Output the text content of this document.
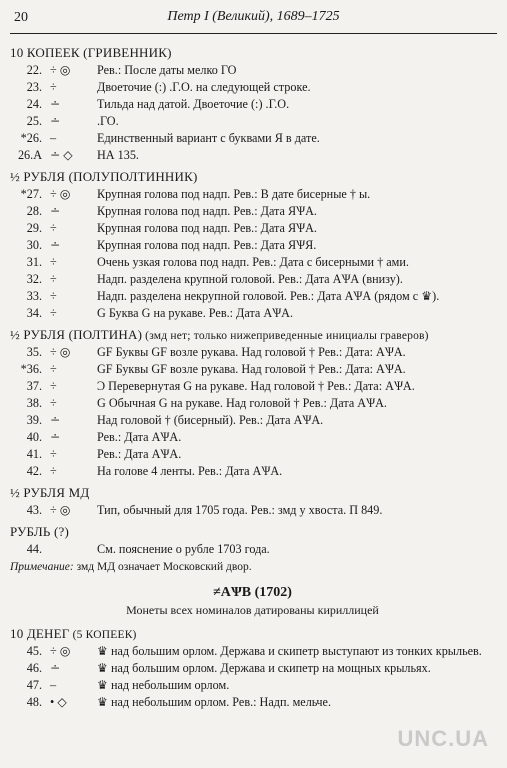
20	Петр I (Великий), 1689–1725
10 КОПЕЕК (ГРИВЕННИК)
22. ÷ ◎	Рев.: После даты мелко ГО
23. ÷	Двоеточие (:) .Г.О. на следующей строке.
24. ∸	Тильда над датой. Двоеточие (:) .Г.О.
25. ∸	.ГО.
*26. –	Единственный вариант с буквами Я в дате.
26.А ∸ ◇	НА 135.
½ РУБЛЯ (ПОЛУПОЛТИННИК)
*27. ÷ ◎	Крупная голова под надп. Рев.: В дате бисерные † ы.
28. ∸	Крупная голова под надп. Рев.: Дата ЯѰА.
29. ÷	Крупная голова под надп. Рев.: Дата ЯѰА.
30. ∸	Крупная голова под надп. Рев.: Дата ЯѰЯ.
31. ÷	Очень узкая голова под надп. Рев.: Дата с бисерными † ами.
32. ÷	Надп. разделена крупной головой. Рев.: Дата АѰА (внизу).
33. ÷	Надп. разделена некрупной головой. Рев.: Дата АѰА (рядом с ♛).
34. ÷	G Буква G на рукаве. Рев.: Дата АѰА.
½ РУБЛЯ (ПОЛТИНА) (змд нет; только нижеприведенные инициалы граверов)
35. ÷ ◎	GF Буквы GF возле рукава. Над головой † Рев.: Дата: АѰА.
*36. ÷	GF Буквы GF возле рукава. Над головой † Рев.: Дата: АѰА.
37. ÷	Ͻ Перевернутая G на рукаве. Над головой † Рев.: Дата: АѰА.
38. ÷	G Обычная G на рукаве. Над головой † Рев.: Дата АѰА.
39. ∸	Над головой † (бисерный). Рев.: Дата АѰА.
40. ∸	Рев.: Дата АѰА.
41. ÷	Рев.: Дата АѰА.
42. ÷	На голове 4 ленты. Рев.: Дата АѰА.
½ РУБЛЯ МД
43. ÷ ◎	Тип, обычный для 1705 года. Рев.: змд у хвоста. П 849.
РУБЛЬ (?)
44.	См. пояснение о рубле 1703 года.
Примечание: змд МД означает Московский двор.
≠АѰВ (1702)
Монеты всех номиналов датированы кириллицей
10 ДЕНЕГ (5 КОПЕЕК)
45. ÷ ◎	♛ над большим орлом. Держава и скипетр выступают из тонких крыльев.
46. ∸	♛ над большим орлом. Держава и скипетр на мощных крыльях.
47. –	♛ над небольшим орлом.
48. • ◇	♛ над небольшим орлом. Рев.: Надп. мельче.
UNC.UA
